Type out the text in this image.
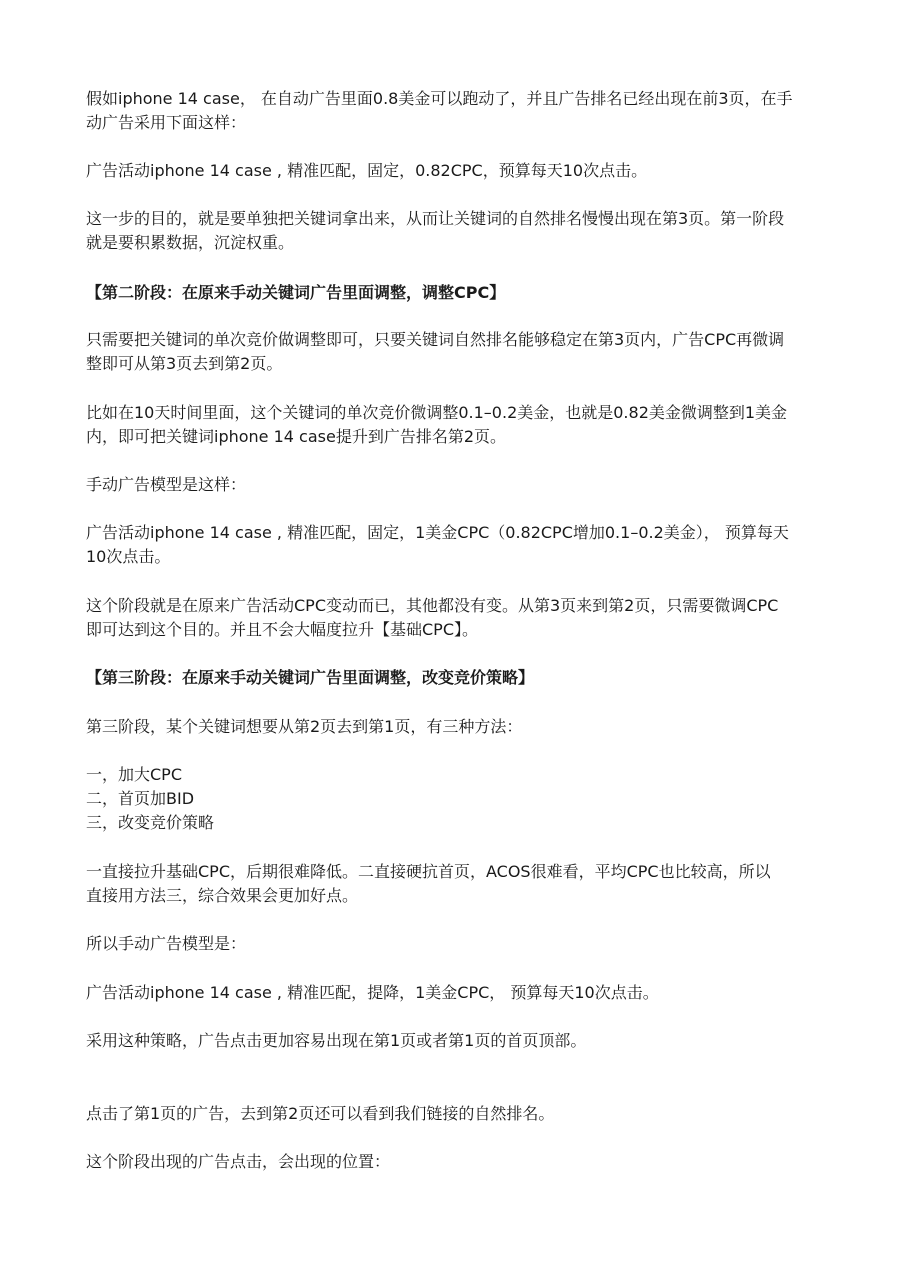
假如iphone 14 case， 在自动广告里面0.8美金可以跑动了，并且广告排名已经出现在前3页，在手
动广告采用下面这样：

广告活动iphone 14 case , 精准匹配，固定，0.82CPC，预算每天10次点击。

这一步的目的，就是要单独把关键词拿出来，从而让关键词的自然排名慢慢出现在第3页。第一阶段
就是要积累数据，沉淀权重。

【第二阶段：在原来手动关键词广告里面调整，调整CPC】

只需要把关键词的单次竞价做调整即可，只要关键词自然排名能够稳定在第3页内，广告CPC再微调
整即可从第3页去到第2页。

比如在10天时间里面，这个关键词的单次竞价微调整0.1–0.2美金，也就是0.82美金微调整到1美金
内，即可把关键词iphone 14 case提升到广告排名第2页。

手动广告模型是这样：

广告活动iphone 14 case , 精准匹配，固定，1美金CPC（0.82CPC增加0.1–0.2美金）， 预算每天
10次点击。

这个阶段就是在原来广告活动CPC变动而已，其他都没有变。从第3页来到第2页，只需要微调CPC
即可达到这个目的。并且不会大幅度拉升【基础CPC】。

【第三阶段：在原来手动关键词广告里面调整，改变竞价策略】

第三阶段，某个关键词想要从第2页去到第1页，有三种方法：

一，加大CPC
二，首页加BID
三，改变竞价策略

一直接拉升基础CPC，后期很难降低。二直接硬抗首页，ACOS很难看，平均CPC也比较高，所以
直接用方法三，综合效果会更加好点。

所以手动广告模型是：

广告活动iphone 14 case , 精准匹配，提降，1美金CPC， 预算每天10次点击。

采用这种策略，广告点击更加容易出现在第1页或者第1页的首页顶部。

点击了第1页的广告，去到第2页还可以看到我们链接的自然排名。

这个阶段出现的广告点击，会出现的位置：
